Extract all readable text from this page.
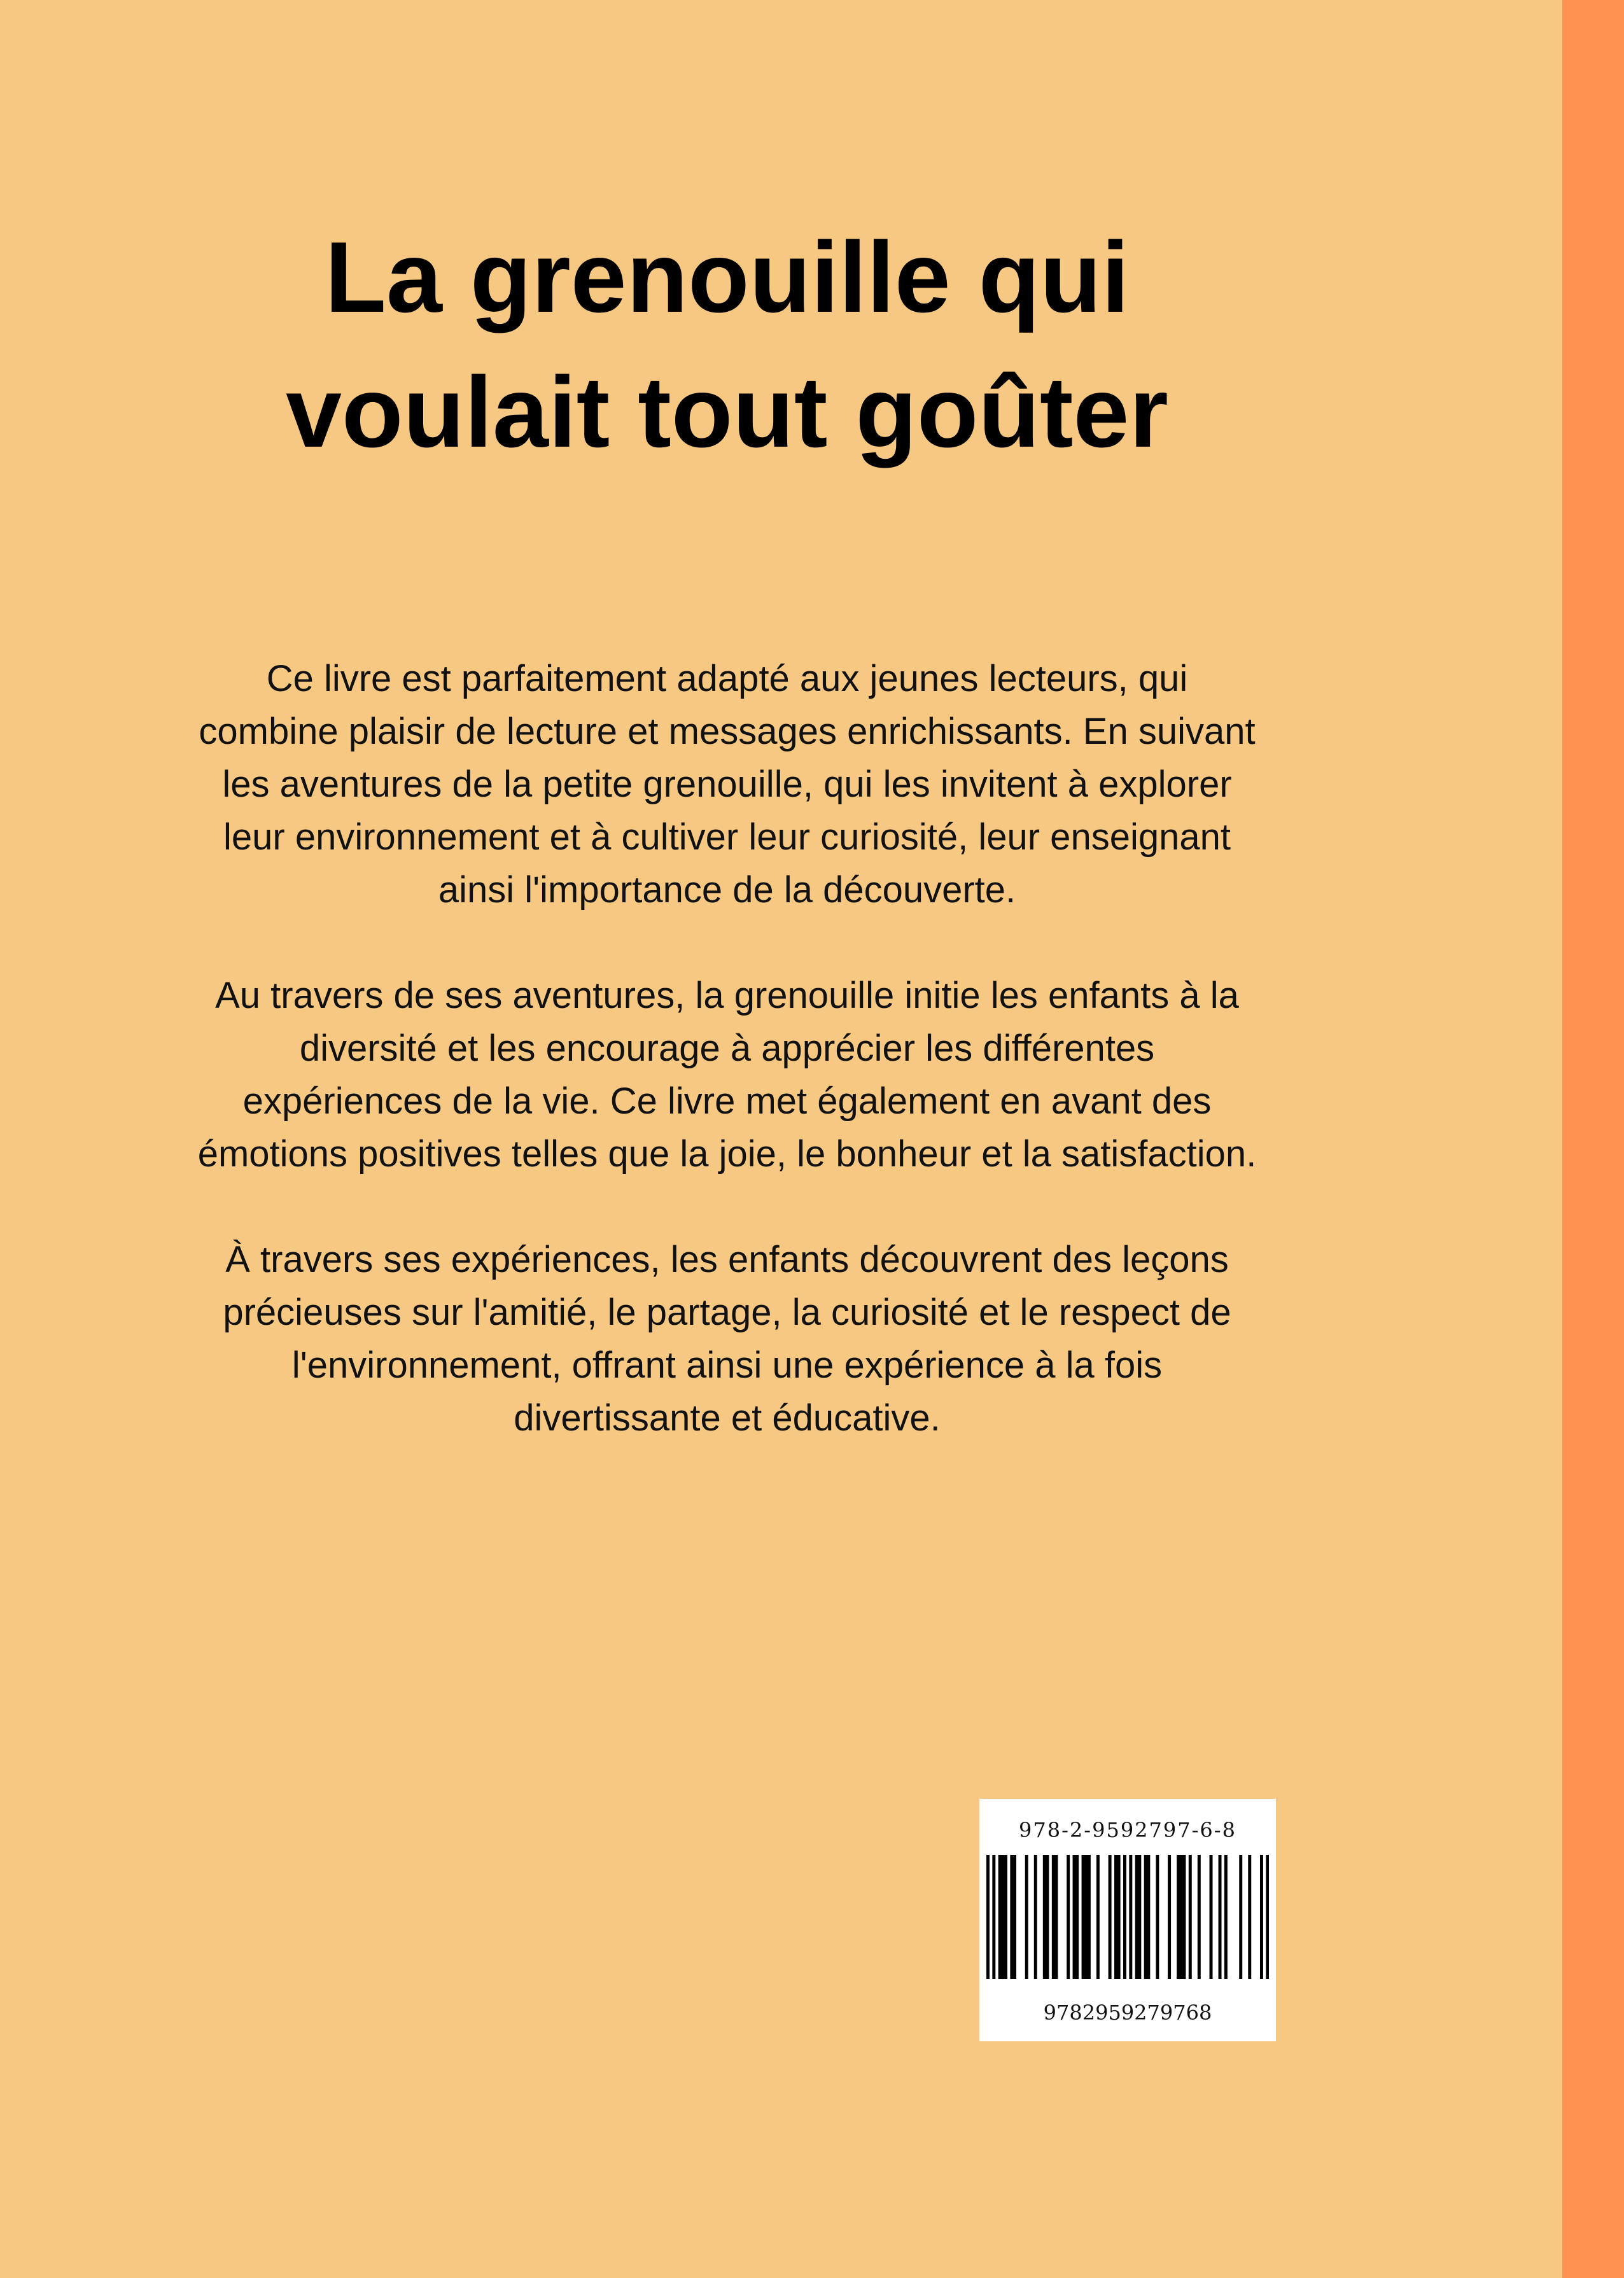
La grenouille qui
voulait tout goûter

Ce livre est parfaitement adapté aux jeunes lecteurs, qui
combine plaisir de lecture et messages enrichissants. En suivant
les aventures de la petite grenouille, qui les invitent à explorer
leur environnement et à cultiver leur curiosité, leur enseignant
ainsi l'importance de la découverte.

Au travers de ses aventures, la grenouille initie les enfants à la
diversité et les encourage à apprécier les différentes
expériences de la vie. Ce livre met également en avant des
émotions positives telles que la joie, le bonheur et la satisfaction.

À travers ses expériences, les enfants découvrent des leçons
précieuses sur l'amitié, le partage, la curiosité et le respect de
l'environnement, offrant ainsi une expérience à la fois
divertissante et éducative.

978-2-9592797-6-8
9782959279768
